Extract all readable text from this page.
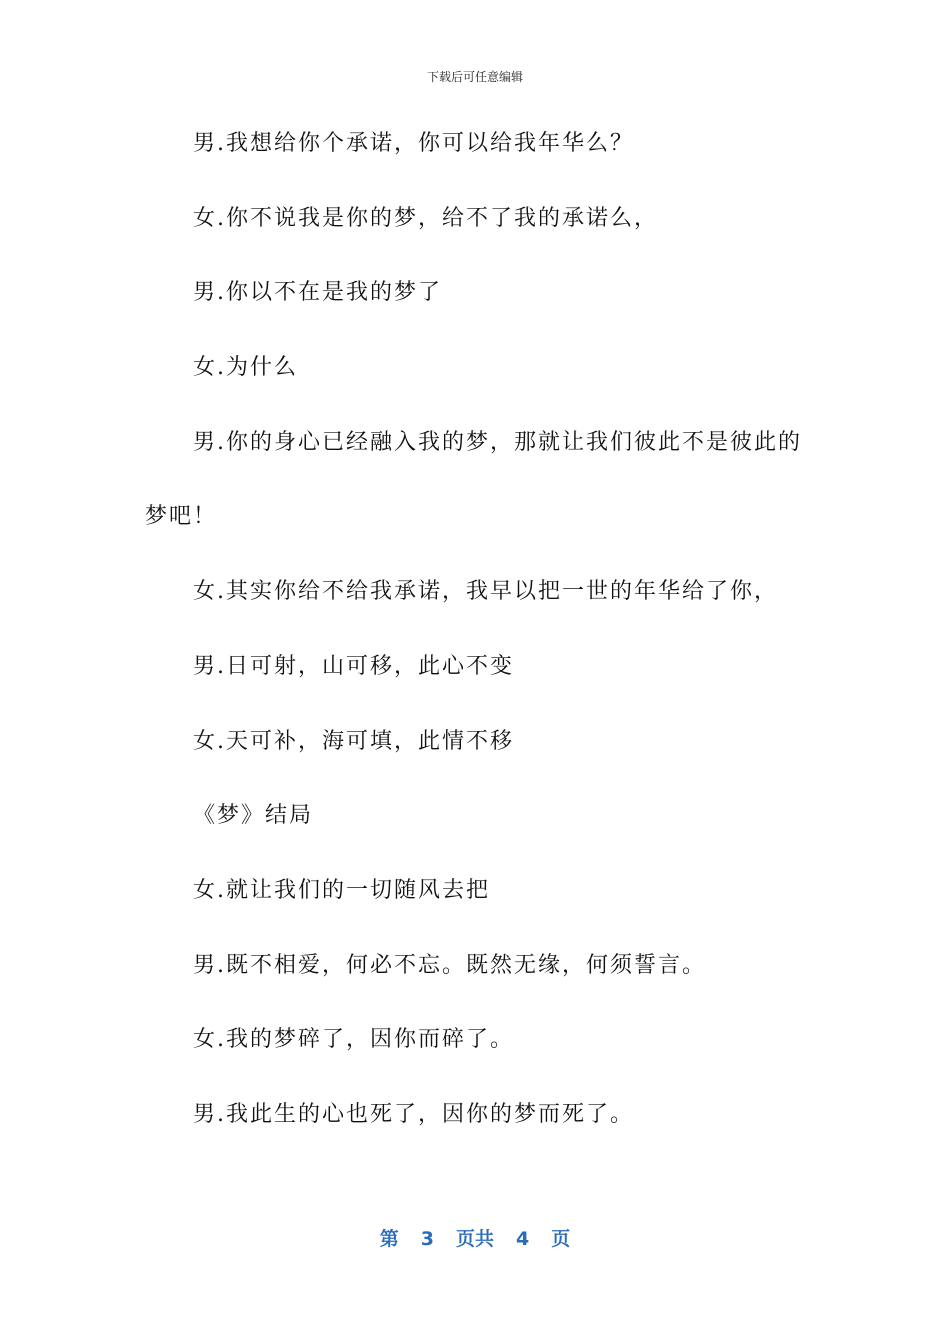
下载后可任意编辑

男.我想给你个承诺，你可以给我年华么？

女.你不说我是你的梦，给不了我的承诺么，

男.你以不在是我的梦了

女.为什么

男.你的身心已经融入我的梦，那就让我们彼此不是彼此的

梦吧！

女.其实你给不给我承诺，我早以把一世的年华给了你，

男.日可射，山可移，此心不变

女.天可补，海可填，此情不移

《梦》结局

女.就让我们的一切随风去把

男.既不相爱，何必不忘。既然无缘，何须誓言。

女.我的梦碎了，因你而碎了。

男.我此生的心也死了，因你的梦而死了。

第 3 页共 4 页
